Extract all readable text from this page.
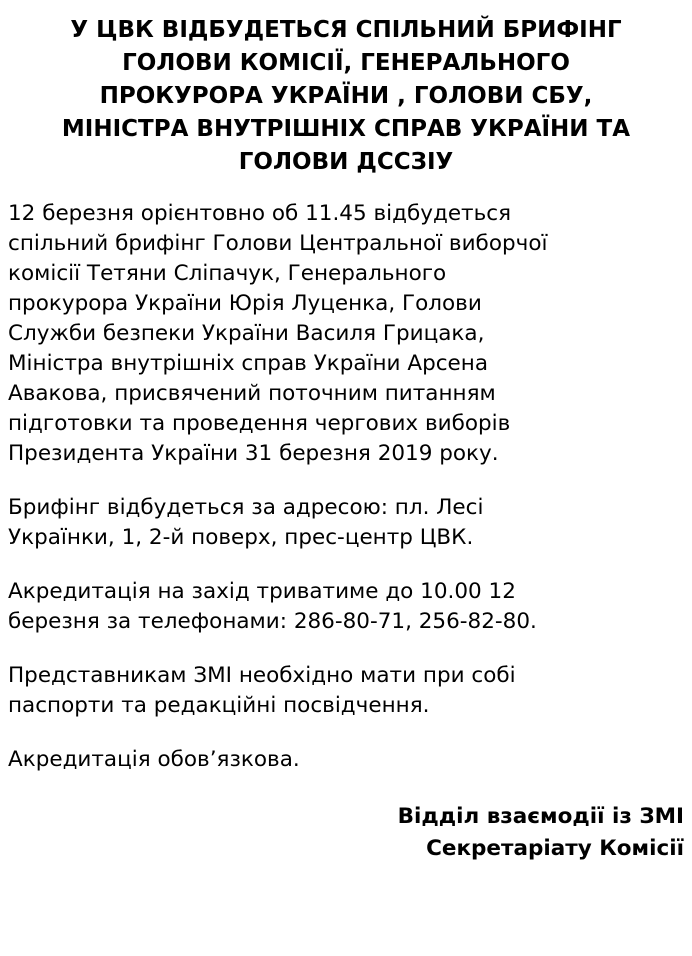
У ЦВК ВІДБУДЕТЬСЯ СПІЛЬНИЙ БРИФІНГ
ГОЛОВИ КОМІСІЇ, ГЕНЕРАЛЬНОГО
ПРОКУРОРА УКРАЇНИ , ГОЛОВИ СБУ,
МІНІСТРА ВНУТРІШНІХ СПРАВ УКРАЇНИ ТА
ГОЛОВИ ДССЗІУ

12 березня орієнтовно об 11.45 відбудеться
спільний брифінг Голови Центральної виборчої
комісії Тетяни Сліпачук, Генерального
прокурора України Юрія Луценка, Голови
Служби безпеки України Василя Грицака,
Міністра внутрішніх справ України Арсена
Авакова, присвячений поточним питанням
підготовки та проведення чергових виборів
Президента України 31 березня 2019 року.

Брифінг відбудеться за адресою: пл. Лесі
Українки, 1, 2-й поверх, прес-центр ЦВК.

Акредитація на захід триватиме до 10.00 12
березня за телефонами: 286-80-71, 256-82-80.

Представникам ЗМІ необхідно мати при собі
паспорти та редакційні посвідчення.

Акредитація обов’язкова.

Відділ взаємодії із ЗМІ
Секретаріату Комісії
